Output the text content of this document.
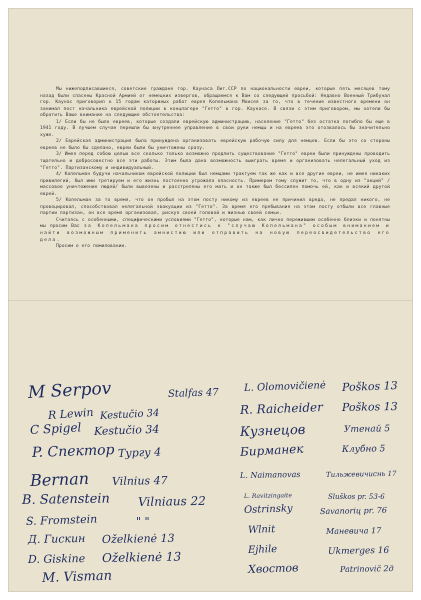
Мы нижеподписавшиеся, советские граждане гор. Каунаса Лит.ССР по национальности евреи, которые пять месяцев тому назад были спасены Красной Армией от немецких извергов, обращаемся к Вам со следующей просьбой: Недавно Военный Трибунал гор. Каунас приговорил к 15 годам каторжных работ еврея Копельмана Моисея за то, что в течение известного времени он занимал пост начальника еврейской полиции в концлагере "Гетто" в гор. Каунасе. В связи с этим приговором, мы хотели бы обратить Ваше внимание на следующие обстоятельства:

1/ Если бы не было евреев, которые создали еврейскую администрацию, население "Гетто" без остатка погибло бы еще в 1941 году. В лучшем случае перешли бы внутреннее управление в свои руки немцы и на евреев это отозвалось бы значительно хуже.

2/ Еврейская администрация была принуждена организовать еврейскую рабочую силу для немцев. Если бы это со стороны евреев не было бы сделано, евреи были бы уничтожены сразу.

3/ Имея перед собою целью все сколько только возможно продлить существование "Гетто" евреи были принуждены проводить тщательно и добросовестно все эти работы. Этим была дана возможность выиграть время и организовать нелегальный уход из "Гетто". Партизанскому и индивидуальный.

4/ Копельман будучи начальником еврейской полиции был немцами трактуем так же как и все другие евреи, не имея никаких привилегий, был ими третируем и его жизнь постоянно угрожала опасность. Примером тому служит то, что в одну из "акций" /массовое уничтожение людей/ были вывезены и расстреляны его мать и он также был бессилен помочь ей, как и всякий другой еврей.

5/ Копельман за то время, что он пробыл на этом посту никому из евреев не причинил вреда, не предал никого, не провоцировал, способствовал нелегальной эвакуации из "Гетто". За время его пребывания на этом посту отбыли все главные партии партизан, он все время организовал, рискуя своей головой и жизнью своей семьи.

Считаясь с особенными, специфическими условиями "Гетто", которые нам, как лично пережившим особенно близки и понятны мы просим Вас за Копельмана просим отнестись к "случаю Копельмана" особым вниманием и найти возможным применить амнистию или отправить на новую переосвидетельство его дела.

Просим о его помиловании.

M Serpov	Stalfas 47
R Lewin Kestučio 34
C Spigel Kestučio 34
P. Спектор Тургу 4
Bernan Vilnius 47
B. Satenstein Vilniaus 22
S. Fromstein	" "
Д. Гискин Oželkienė 13
D. Giskine Oželkienė 13
M. Visman
L. Olomovičienė Poškos 13
R. Raicheider Poškos 13
Кузнецов	Утенай 5
Бирманек	Клубно 5
L. Naimanovas	Тильжевичиснь 17
L. Ravitzingaite	Sluškos pr. 53-6
Ostrinsky	Savanorių pr. 76
Wlnit	Маневича 17
Ejhile	Ukmerges 16
Хвостов	Patrinovič 2д
